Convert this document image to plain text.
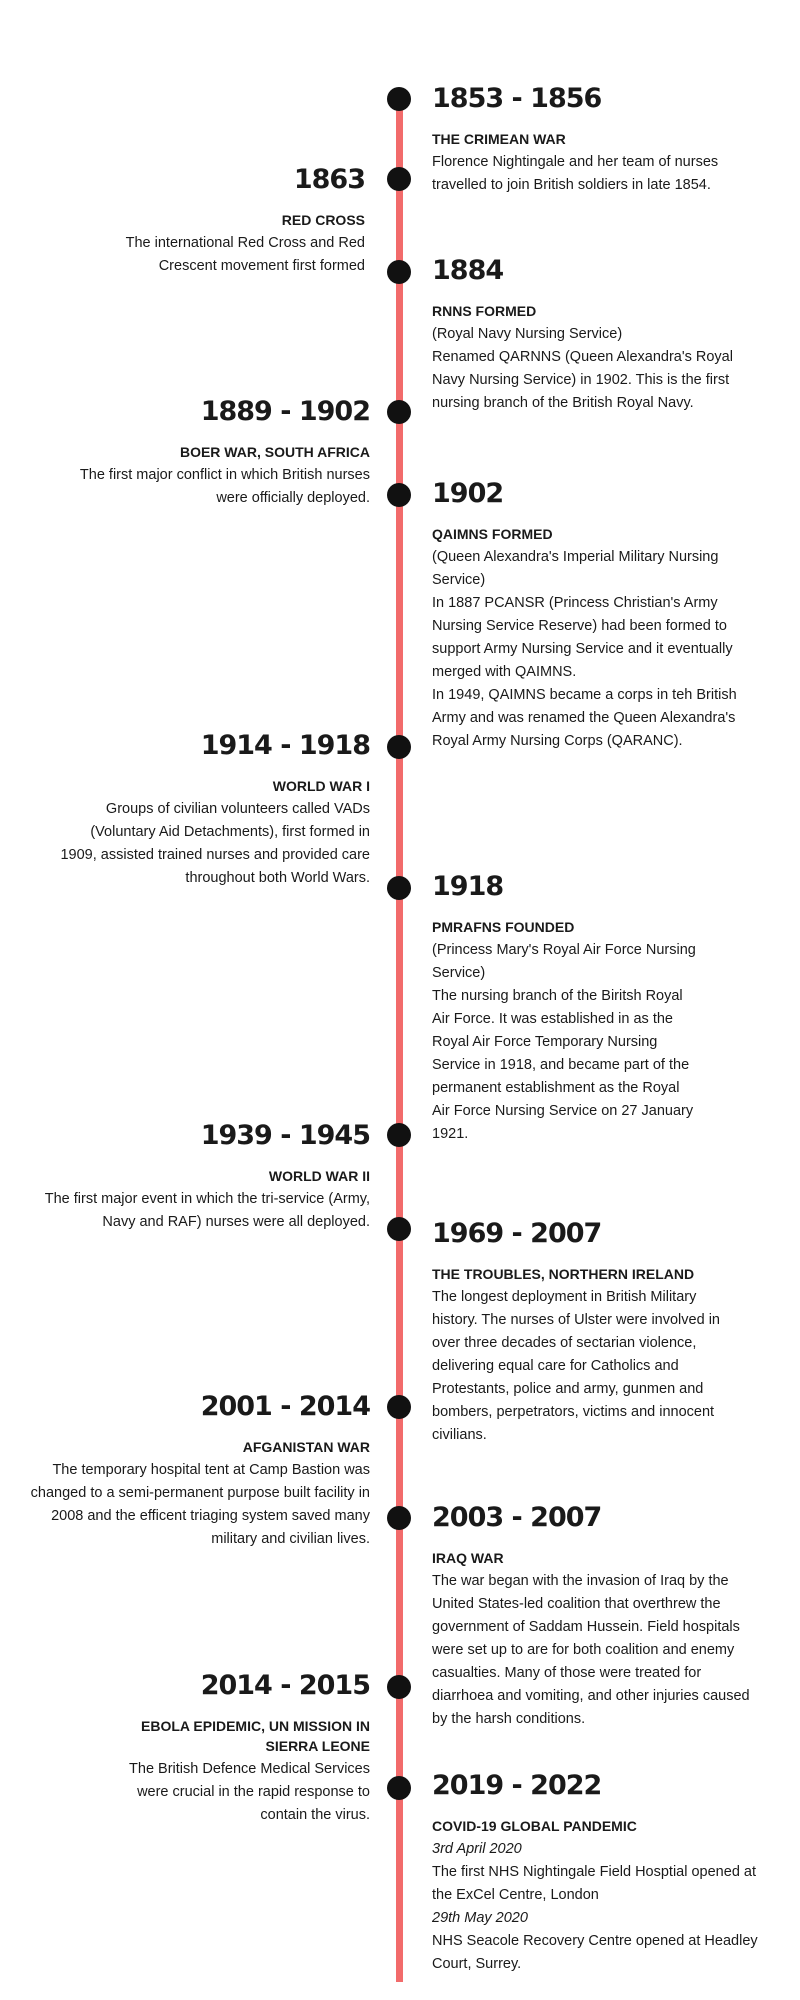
1853 - 1856
THE CRIMEAN WAR

Florence Nightingale and her team of nurses travelled to join British soldiers in late 1854.

1863
RED CROSS

The international Red Cross and Red Crescent movement first formed 1884
RNNS FORMED

(Royal Navy Nursing Service)

Renamed QARNNS (Queen Alexandra's Royal Navy Nursing Service) in 1902. This is the first nursing branch of the British Royal Navy.

1889 - 1902
BOER WAR, SOUTH AFRICA

The first major conflict in which British nurses were officially deployed. 1902
QAIMNS FORMED

(Queen Alexandra's Imperial Military Nursing Service)

In 1887 PCANSR (Princess Christian's Army Nursing Service Reserve) had been formed to support Army Nursing Service and it eventually merged with QAIMNS.

In 1949, QAIMNS became a corps in teh British Army and was renamed the Queen Alexandra's Royal Army Nursing Corps (QARANC).

1914 - 1918
WORLD WAR I

Groups of civilian volunteers called VADs (Voluntary Aid Detachments), first formed in 1909, assisted trained nurses and provided care throughout both World Wars. 1918
PMRAFNS FOUNDED

(Princess Mary's Royal Air Force Nursing Service)

The nursing branch of the Biritsh Royal Air Force. It was established in as the Royal Air Force Temporary Nursing Service in 1918, and became part of the permanent establishment as the Royal Air Force Nursing Service on 27 January 1921.

1939 - 1945
WORLD WAR II

The first major event in which the tri-service (Army, Navy and RAF) nurses were all deployed. 1969 - 2007
THE TROUBLES, NORTHERN IRELAND

The longest deployment in British Military history. The nurses of Ulster were involved in over three decades of sectarian violence, delivering equal care for Catholics and Protestants, police and army, gunmen and bombers, perpetrators, victims and innocent civilians.

2001 - 2014
AFGANISTAN WAR

The temporary hospital tent at Camp Bastion was changed to a semi-permanent purpose built facility in 2008 and the efficent triaging system saved many military and civilian lives.

2003 - 2007
IRAQ WAR

The war began with the invasion of Iraq by the United States-led coalition that overthrew the government of Saddam Hussein. Field hospitals were set up to are for both coalition and enemy casualties. Many of those were treated for diarrhoea and vomiting, and other injuries caused by the harsh conditions.

2014 - 2015
EBOLA EPIDEMIC, UN MISSION IN SIERRA LEONE

The British Defence Medical Services were crucial in the rapid response to contain the virus.

2019 - 2022
COVID-19 GLOBAL PANDEMIC

3rd April 2020

The first NHS Nightingale Field Hosptial opened at the ExCel Centre, London

29th May 2020

NHS Seacole Recovery Centre opened at Headley Court, Surrey.
